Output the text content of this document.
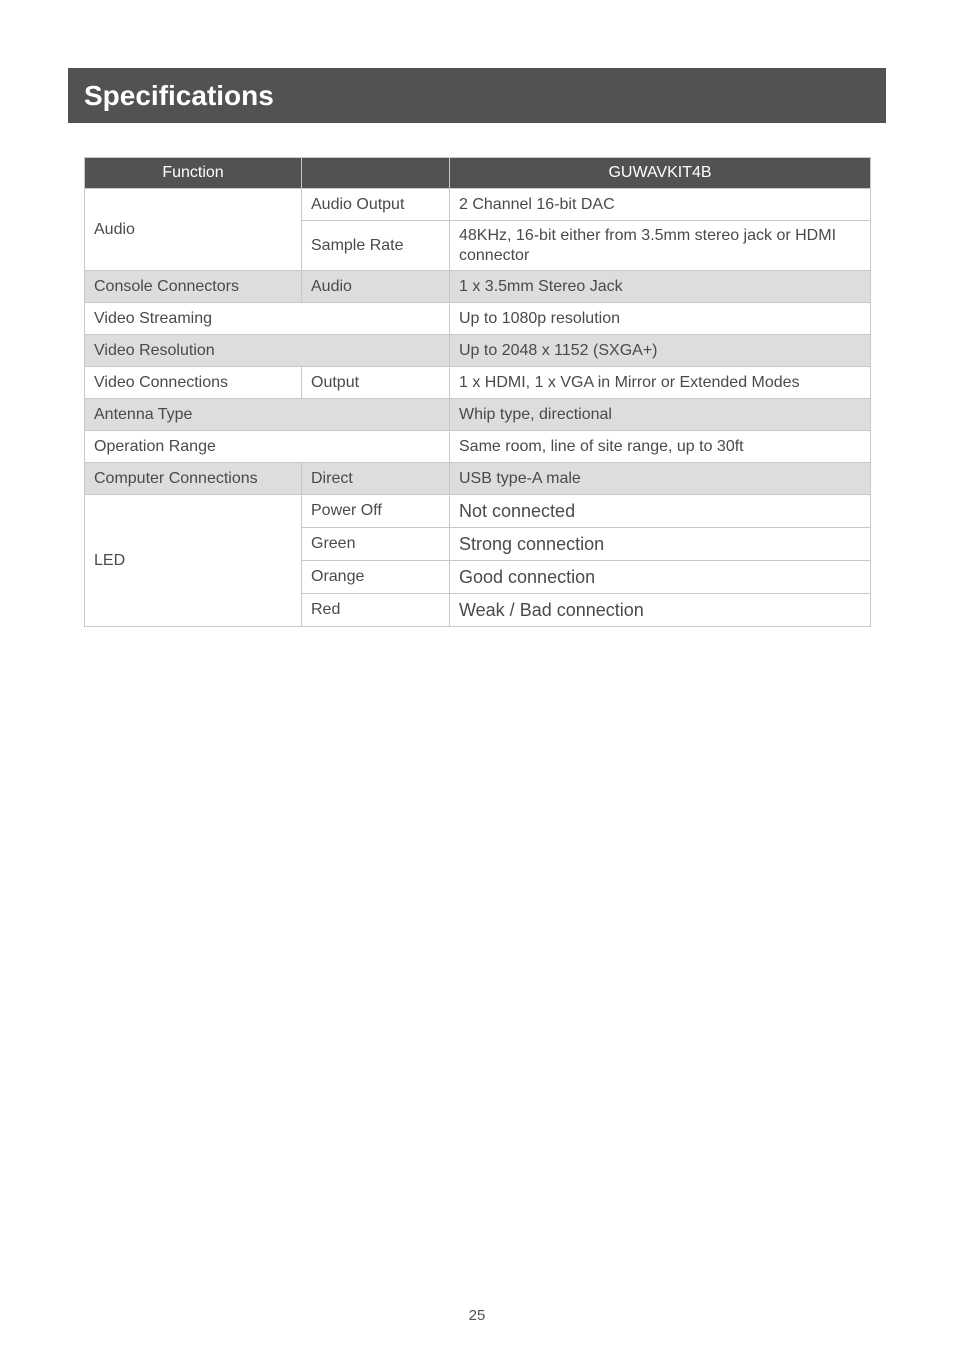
Specifications
Function		GUWAVKIT4B
Audio	Audio Output	2 Channel 16-bit DAC
	Sample Rate	48KHz, 16-bit either from 3.5mm stereo jack or HDMI connector
Console Connectors	Audio	1 x 3.5mm Stereo Jack
Video Streaming		Up to 1080p resolution
Video Resolution		Up to 2048 x 1152 (SXGA+)
Video Connections	Output	1 x HDMI, 1 x VGA in Mirror or Extended Modes
Antenna Type		Whip type, directional
Operation Range		Same room, line of site range, up to 30ft
Computer Connections	Direct	USB type-A male
LED	Power Off	Not connected
	Green	Strong connection
	Orange	Good connection
	Red	Weak / Bad connection
25
